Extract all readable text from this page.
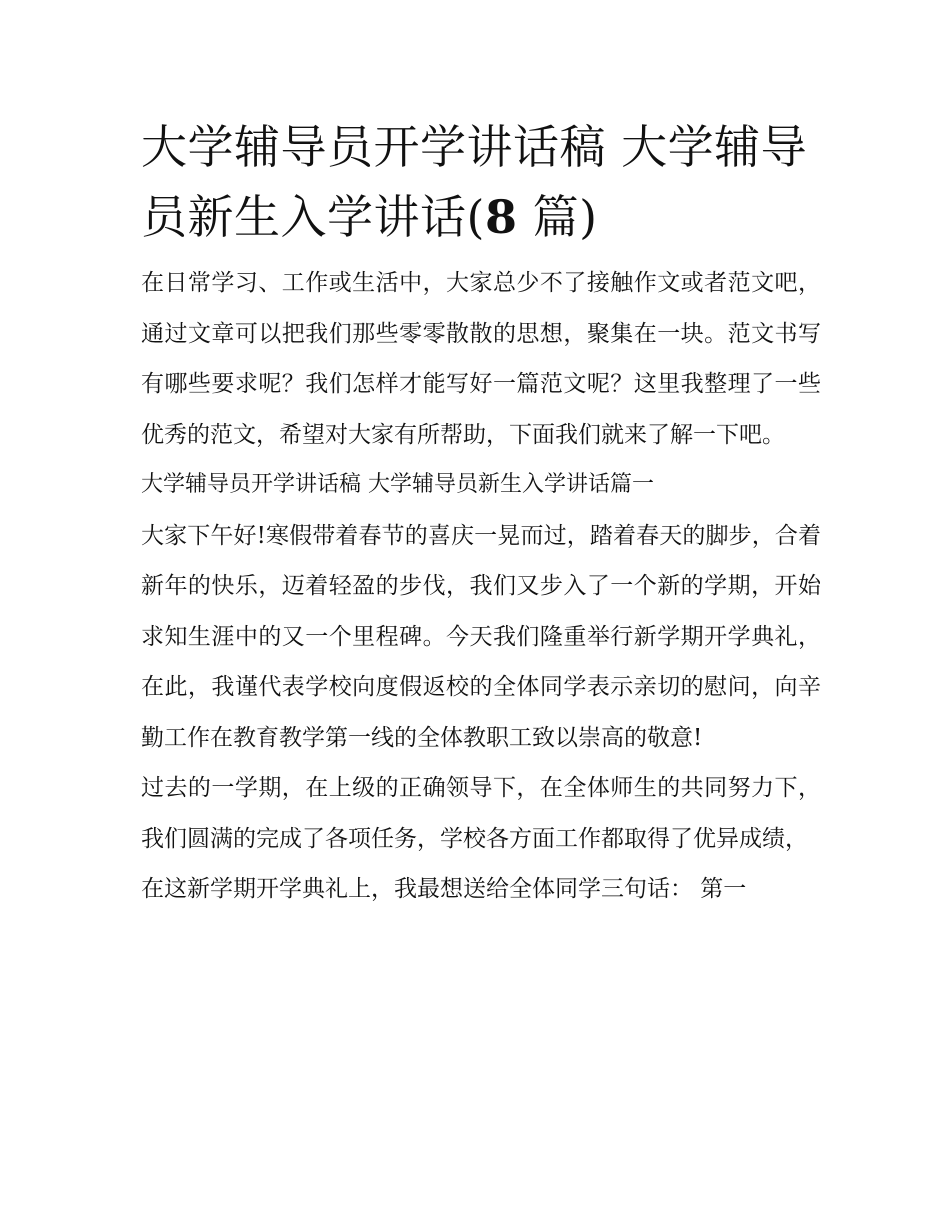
大学辅导员开学讲话稿 大学辅导员新生入学讲话(8 篇)

在日常学习、工作或生活中，大家总少不了接触作文或者范文吧，通过文章可以把我们那些零零散散的思想，聚集在一块。范文书写有哪些要求呢？我们怎样才能写好一篇范文呢？这里我整理了一些优秀的范文，希望对大家有所帮助，下面我们就来了解一下吧。

大学辅导员开学讲话稿 大学辅导员新生入学讲话篇一

大家下午好!寒假带着春节的喜庆一晃而过，踏着春天的脚步，合着新年的快乐，迈着轻盈的步伐，我们又步入了一个新的学期，开始求知生涯中的又一个里程碑。今天我们隆重举行新学期开学典礼，在此，我谨代表学校向度假返校的全体同学表示亲切的慰问，向辛勤工作在教育教学第一线的全体教职工致以崇高的敬意!

过去的一学期，在上级的正确领导下，在全体师生的共同努力下，我们圆满的完成了各项任务，学校各方面工作都取得了优异成绩，

在这新学期开学典礼上，我最想送给全体同学三句话： 第一
